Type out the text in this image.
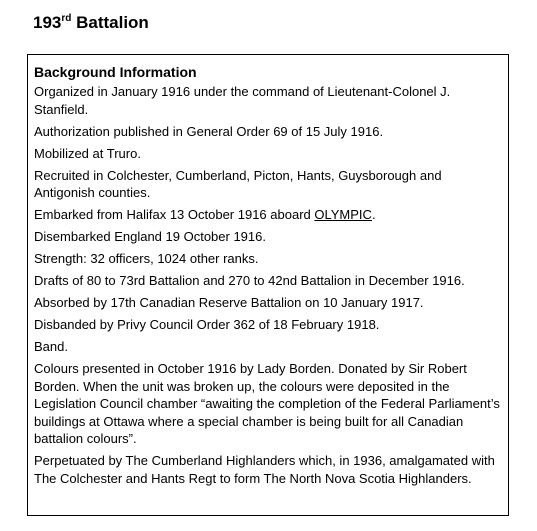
193rd Battalion
Background Information
Organized in January 1916 under the command of Lieutenant-Colonel J. Stanfield.
Authorization published in General Order 69 of 15 July 1916.
Mobilized at Truro.
Recruited in Colchester, Cumberland, Picton, Hants, Guysborough and Antigonish counties.
Embarked from Halifax 13 October 1916 aboard OLYMPIC.
Disembarked England 19 October 1916.
Strength: 32 officers, 1024 other ranks.
Drafts of 80 to 73rd Battalion and 270 to 42nd Battalion in December 1916.
Absorbed by 17th Canadian Reserve Battalion on 10 January 1917.
Disbanded by Privy Council Order 362 of 18 February 1918.
Band.
Colours presented in October 1916 by Lady Borden. Donated by Sir Robert Borden. When the unit was broken up, the colours were deposited in the Legislation Council chamber “awaiting the completion of the Federal Parliament’s buildings at Ottawa where a special chamber is being built for all Canadian battalion colours”.
Perpetuated by The Cumberland Highlanders which, in 1936, amalgamated with The Colchester and Hants Regt to form The North Nova Scotia Highlanders.
